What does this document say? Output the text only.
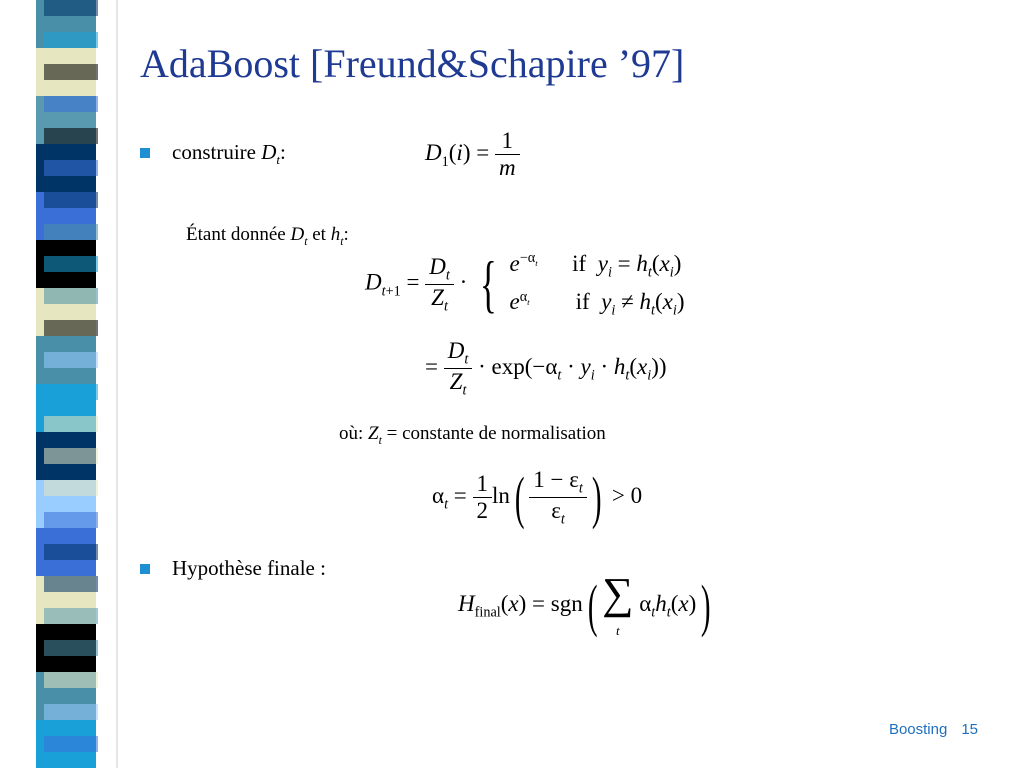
AdaBoost [Freund&Schapire ’97]
construire $D_t$:	$D_1(i) = \frac{1}{m}$
Étant donnée $D_t$ et $h_t$:
$D_{t+1} = \frac{D_t}{Z_t}$ · { $e^{-\alpha_t}$      if  $y_i = h_t(x_i)$
$e^{\alpha_t}$        if  $y_i \ne h_t(x_i)$
= $\frac{D_t}{Z_t} \cdot \exp(-\alpha_t \cdot y_i \cdot h_t(x_i))$
où: $Z_t$ = constante de normalisation
$\alpha_t = \frac{1}{2} \ln( \frac{1 - \varepsilon_t}{\varepsilon_t}$ ) > 0
Hypothèse finale :
$H_{final}(x) = sgn$( ∑
t $\alpha_th_t(x)$)
Boosting 15
